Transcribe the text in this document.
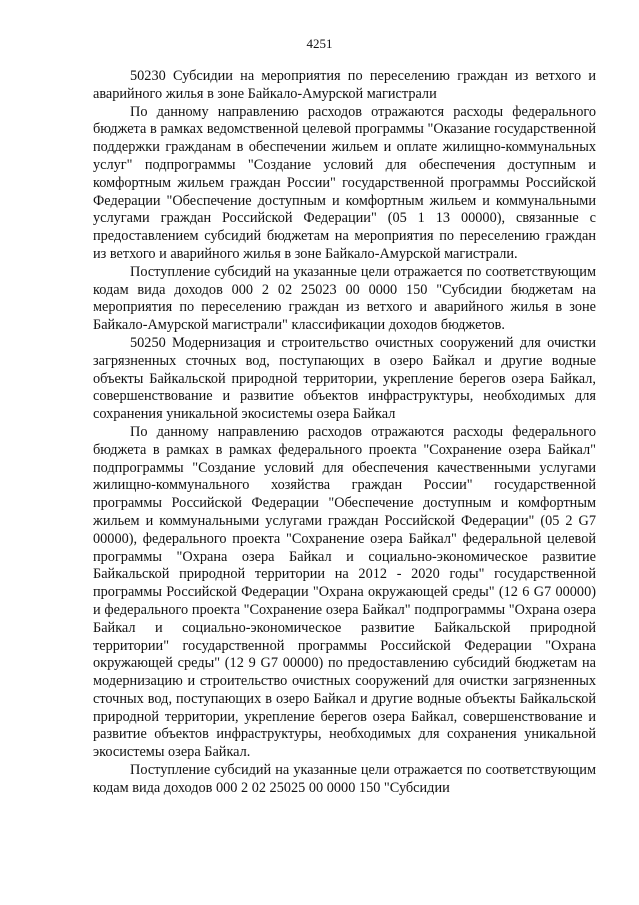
4251

50230 Субсидии на мероприятия по переселению граждан из ветхого и аварийного жилья в зоне Байкало-Амурской магистрали

По данному направлению расходов отражаются расходы федерального бюджета в рамках ведомственной целевой программы "Оказание государственной поддержки гражданам в обеспечении жильем и оплате жилищно-коммунальных услуг" подпрограммы "Создание условий для обеспечения доступным и комфортным жильем граждан России" государственной программы Российской Федерации "Обеспечение доступным и комфортным жильем и коммунальными услугами граждан Российской Федерации" (05 1 13 00000), связанные с предоставлением субсидий бюджетам на мероприятия по переселению граждан из ветхого и аварийного жилья в зоне Байкало-Амурской магистрали.

Поступление субсидий на указанные цели отражается по соответствующим кодам вида доходов 000 2 02 25023 00 0000 150 "Субсидии бюджетам на мероприятия по переселению граждан из ветхого и аварийного жилья в зоне Байкало-Амурской магистрали" классификации доходов бюджетов.

50250 Модернизация и строительство очистных сооружений для очистки загрязненных сточных вод, поступающих в озеро Байкал и другие водные объекты Байкальской природной территории, укрепление берегов озера Байкал, совершенствование и развитие объектов инфраструктуры, необходимых для сохранения уникальной экосистемы озера Байкал

По данному направлению расходов отражаются расходы федерального бюджета в рамках в рамках федерального проекта "Сохранение озера Байкал" подпрограммы "Создание условий для обеспечения качественными услугами жилищно-коммунального хозяйства граждан России" государственной программы Российской Федерации "Обеспечение доступным и комфортным жильем и коммунальными услугами граждан Российской Федерации" (05 2 G7 00000), федерального проекта "Сохранение озера Байкал" федеральной целевой программы "Охрана озера Байкал и социально-экономическое развитие Байкальской природной территории на 2012 - 2020 годы" государственной программы Российской Федерации "Охрана окружающей среды" (12 6 G7 00000) и федерального проекта "Сохранение озера Байкал" подпрограммы "Охрана озера Байкал и социально-экономическое развитие Байкальской природной территории" государственной программы Российской Федерации "Охрана окружающей среды" (12 9 G7 00000) по предоставлению субсидий бюджетам на модернизацию и строительство очистных сооружений для очистки загрязненных сточных вод, поступающих в озеро Байкал и другие водные объекты Байкальской природной территории, укрепление берегов озера Байкал, совершенствование и развитие объектов инфраструктуры, необходимых для сохранения уникальной экосистемы озера Байкал.

Поступление субсидий на указанные цели отражается по соответствующим кодам вида доходов 000 2 02 25025 00 0000 150 "Субсидии
